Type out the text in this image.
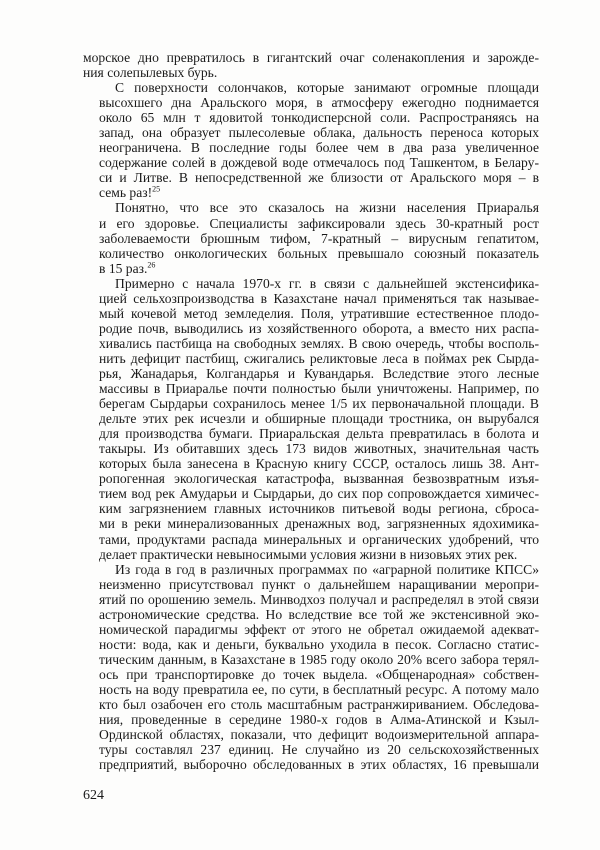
морское дно превратилось в гигантский очаг соленакопления и зарожде-
ния солепылевых бурь.
С поверхности солончаков, которые занимают огромные площади
высохшего дна Аральского моря, в атмосферу ежегодно поднимается
около 65 млн т ядовитой тонкодисперсной соли. Распространяясь на
запад, она образует пылесолевые облака, дальность переноса которых
неограничена. В последние годы более чем в два раза увеличенное
содержание солей в дождевой воде отмечалось под Ташкентом, в Белару-
си и Литве. В непосредственной же близости от Аральского моря – в
семь раз!$^{25}$
Понятно, что все это сказалось на жизни населения Приаралья
и его здоровье. Специалисты зафиксировали здесь 30-кратный рост
заболеваемости брюшным тифом, 7-кратный – вирусным гепатитом,
количество онкологических больных превышало союзный показатель
в 15 раз.$^{26}$
Примерно с начала 1970-х гг. в связи с дальнейшей экстенсифика-
цией сельхозпроизводства в Казахстане начал применяться так называе-
мый кочевой метод земледелия. Поля, утратившие естественное плодо-
родие почв, выводились из хозяйственного оборота, а вместо них распа-
хивались пастбища на свободных землях. В свою очередь, чтобы восполь-
нить дефицит пастбищ, сжигались реликтовые леса в поймах рек Сырда-
рья, Жанадарья, Колгандарья и Кувандарья. Вследствие этого лесные
массивы в Приаралье почти полностью были уничтожены. Например, по
берегам Сырдарьи сохранилось менее 1/5 их первоначальной площади. В
дельте этих рек исчезли и обширные площади тростника, он вырубался
для производства бумаги. Приаральская дельта превратилась в болота и
такыры. Из обитавших здесь 173 видов животных, значительная часть
которых была занесена в Красную книгу СССР, осталось лишь 38. Ант-
ропогенная экологическая катастрофа, вызванная безвозвратным изъя-
тием вод рек Амударьи и Сырдарьи, до сих пор сопровождается химичес-
ким загрязнением главных источников питьевой воды региона, сброса-
ми в реки минерализованных дренажных вод, загрязненных ядохимика-
тами, продуктами распада минеральных и органических удобрений, что
делает практически невыносимыми условия жизни в низовьях этих рек.
Из года в год в различных программах по «аграрной политике КПСС»
неизменно присутствовал пункт о дальнейшем наращивании меропри-
ятий по орошению земель. Минводхоз получал и распределял в этой связи
астрономические средства. Но вследствие все той же экстенсивной эко-
номической парадигмы эффект от этого не обретал ожидаемой адекват-
ности: вода, как и деньги, буквально уходила в песок. Согласно статис-
тическим данным, в Казахстане в 1985 году около 20% всего забора терял-
ось при транспортировке до точек выдела. «Общенародная» собствен-
ность на воду превратила ее, по сути, в бесплатный ресурс. А потому мало
кто был озабочен его столь масштабным растранжириванием. Обследова-
ния, проведенные в середине 1980-х годов в Алма-Атинской и Кзыл-
Ординской областях, показали, что дефицит водоизмерительной аппара-
туры составлял 237 единиц. Не случайно из 20 сельскохозяйственных
предприятий, выборочно обследованных в этих областях, 16 превышали
624
